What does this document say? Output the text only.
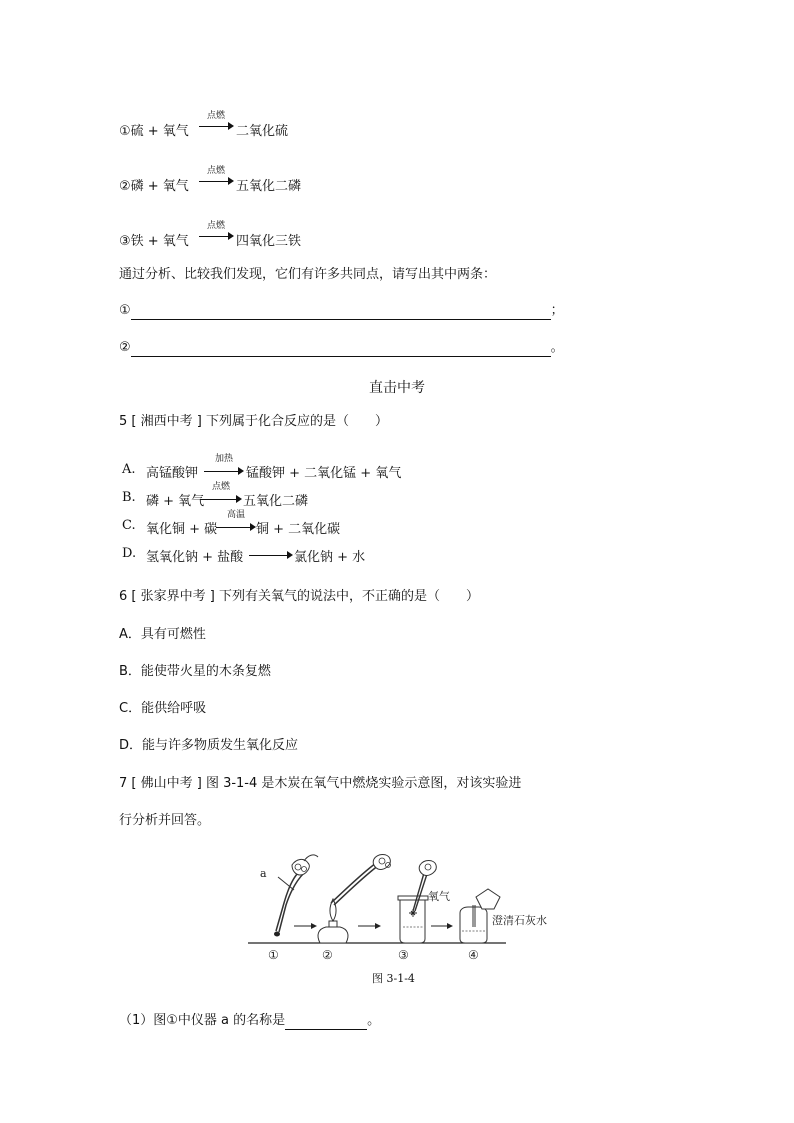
①硫 + 氧气
点燃
二氧化硫
②磷 + 氧气
点燃
五氧化二磷
③铁 + 氧气
点燃
四氧化三铁
通过分析、比较我们发现，它们有许多共同点，请写出其中两条：
①	；
②	。
直击中考
5 [ 湘西中考 ] 下列属于化合反应的是（　　）
A. 高锰酸钾
加热
锰酸钾 + 二氧化锰 + 氧气
B. 磷 + 氧气
点燃
五氧化二磷
C. 氧化铜 + 碳
高温
铜 + 二氧化碳
D. 氢氧化钠 + 盐酸	氯化钠 + 水
6 [ 张家界中考 ] 下列有关氧气的说法中，不正确的是（　　）
A．具有可燃性
B．能使带火星的木条复燃
C．能供给呼吸
D．能与许多物质发生氧化反应
7 [ 佛山中考 ] 图 3-1-4 是木炭在氧气中燃烧实验示意图，对该实验进
行分析并回答。
a
氧气
澄清石灰水
①	②	③	④
图 3-1-4
（1）图①中仪器 a 的名称是	。
